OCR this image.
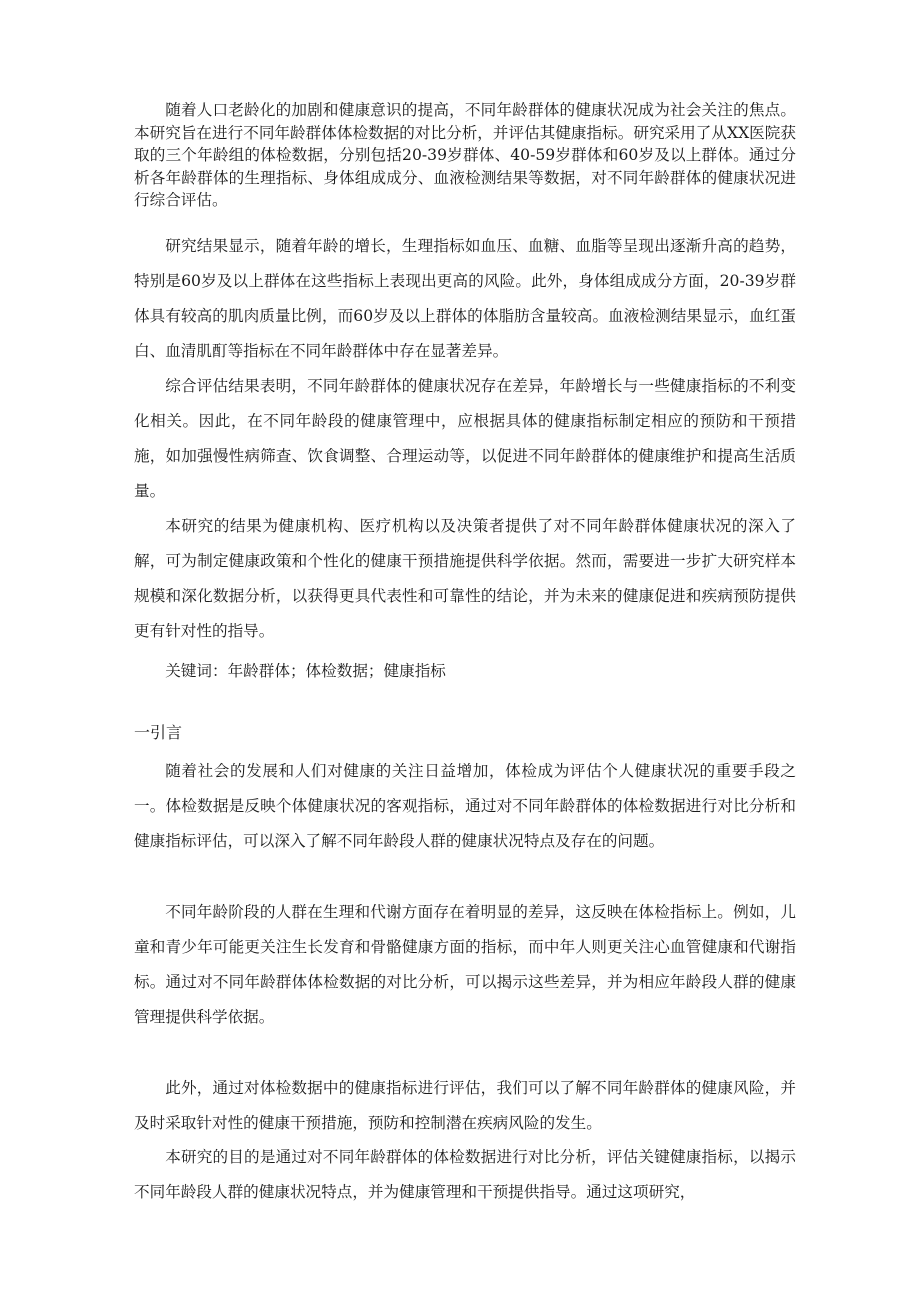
随着人口老龄化的加剧和健康意识的提高，不同年龄群体的健康状况成为社会关注的焦点。本研究旨在进行不同年龄群体体检数据的对比分析，并评估其健康指标。研究采用了从XX医院获取的三个年龄组的体检数据，分别包括20-39岁群体、40-59岁群体和60岁及以上群体。通过分析各年龄群体的生理指标、身体组成成分、血液检测结果等数据，对不同年龄群体的健康状况进行综合评估。

研究结果显示，随着年龄的增长，生理指标如血压、血糖、血脂等呈现出逐渐升高的趋势，特别是60岁及以上群体在这些指标上表现出更高的风险。此外，身体组成成分方面，20-39岁群体具有较高的肌肉质量比例，而60岁及以上群体的体脂肪含量较高。血液检测结果显示，血红蛋白、血清肌酊等指标在不同年龄群体中存在显著差异。

综合评估结果表明，不同年龄群体的健康状况存在差异，年龄增长与一些健康指标的不利变化相关。因此，在不同年龄段的健康管理中，应根据具体的健康指标制定相应的预防和干预措施，如加强慢性病筛查、饮食调整、合理运动等，以促进不同年龄群体的健康维护和提高生活质量。

本研究的结果为健康机构、医疗机构以及决策者提供了对不同年龄群体健康状况的深入了解，可为制定健康政策和个性化的健康干预措施提供科学依据。然而，需要进一步扩大研究样本规模和深化数据分析，以获得更具代表性和可靠性的结论，并为未来的健康促进和疾病预防提供更有针对性的指导。

关键词：年龄群体；体检数据；健康指标

一引言

随着社会的发展和人们对健康的关注日益增加，体检成为评估个人健康状况的重要手段之一。体检数据是反映个体健康状况的客观指标，通过对不同年龄群体的体检数据进行对比分析和健康指标评估，可以深入了解不同年龄段人群的健康状况特点及存在的问题。

不同年龄阶段的人群在生理和代谢方面存在着明显的差异，这反映在体检指标上。例如，儿童和青少年可能更关注生长发育和骨骼健康方面的指标，而中年人则更关注心血管健康和代谢指标。通过对不同年龄群体体检数据的对比分析，可以揭示这些差异，并为相应年龄段人群的健康管理提供科学依据。

此外，通过对体检数据中的健康指标进行评估，我们可以了解不同年龄群体的健康风险，并及时采取针对性的健康干预措施，预防和控制潜在疾病风险的发生。

本研究的目的是通过对不同年龄群体的体检数据进行对比分析，评估关键健康指标，以揭示不同年龄段人群的健康状况特点，并为健康管理和干预提供指导。通过这项研究，
